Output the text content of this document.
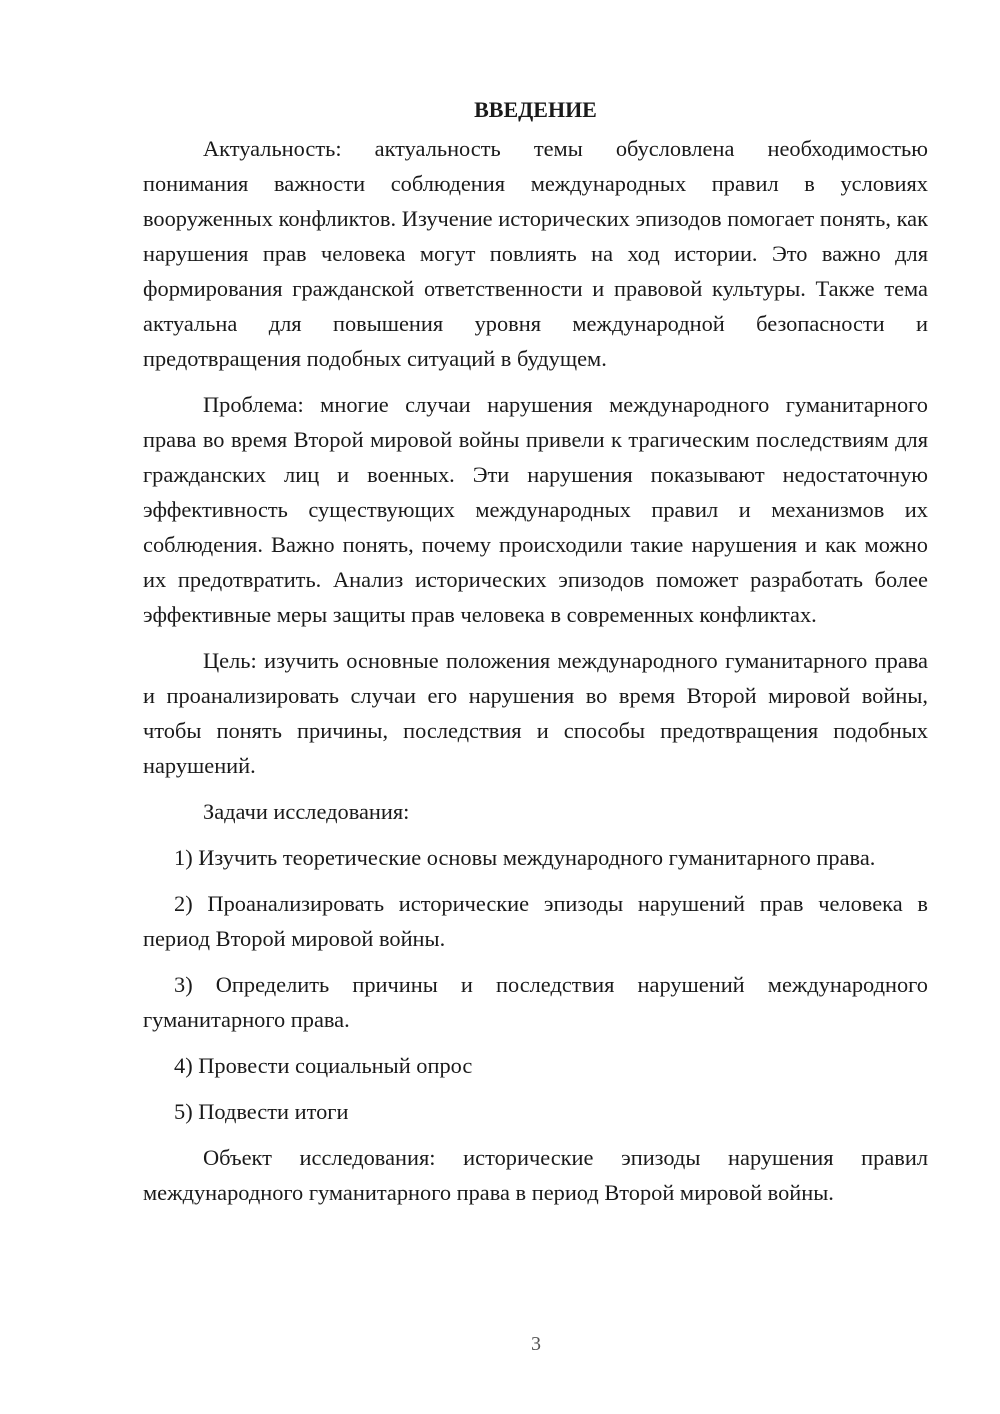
ВВЕДЕНИЕ

Актуальность: актуальность темы обусловлена необходимостью понимания важности соблюдения международных правил в условиях вооруженных конфликтов. Изучение исторических эпизодов помогает понять, как нарушения прав человека могут повлиять на ход истории. Это важно для формирования гражданской ответственности и правовой культуры. Также тема актуальна для повышения уровня международной безопасности и предотвращения подобных ситуаций в будущем.

Проблема: многие случаи нарушения международного гуманитарного права во время Второй мировой войны привели к трагическим последствиям для гражданских лиц и военных. Эти нарушения показывают недостаточную эффективность существующих международных правил и механизмов их соблюдения. Важно понять, почему происходили такие нарушения и как можно их предотвратить. Анализ исторических эпизодов поможет разработать более эффективные меры защиты прав человека в современных конфликтах.

Цель: изучить основные положения международного гуманитарного права и проанализировать случаи его нарушения во время Второй мировой войны, чтобы понять причины, последствия и способы предотвращения подобных нарушений.

Задачи исследования:

1) Изучить теоретические основы международного гуманитарного права.

2) Проанализировать исторические эпизоды нарушений прав человека в период Второй мировой войны.

3) Определить причины и последствия нарушений международного гуманитарного права.

4) Провести социальный опрос

5) Подвести итоги

Объект исследования: исторические эпизоды нарушения правил международного гуманитарного права в период Второй мировой войны.

3
